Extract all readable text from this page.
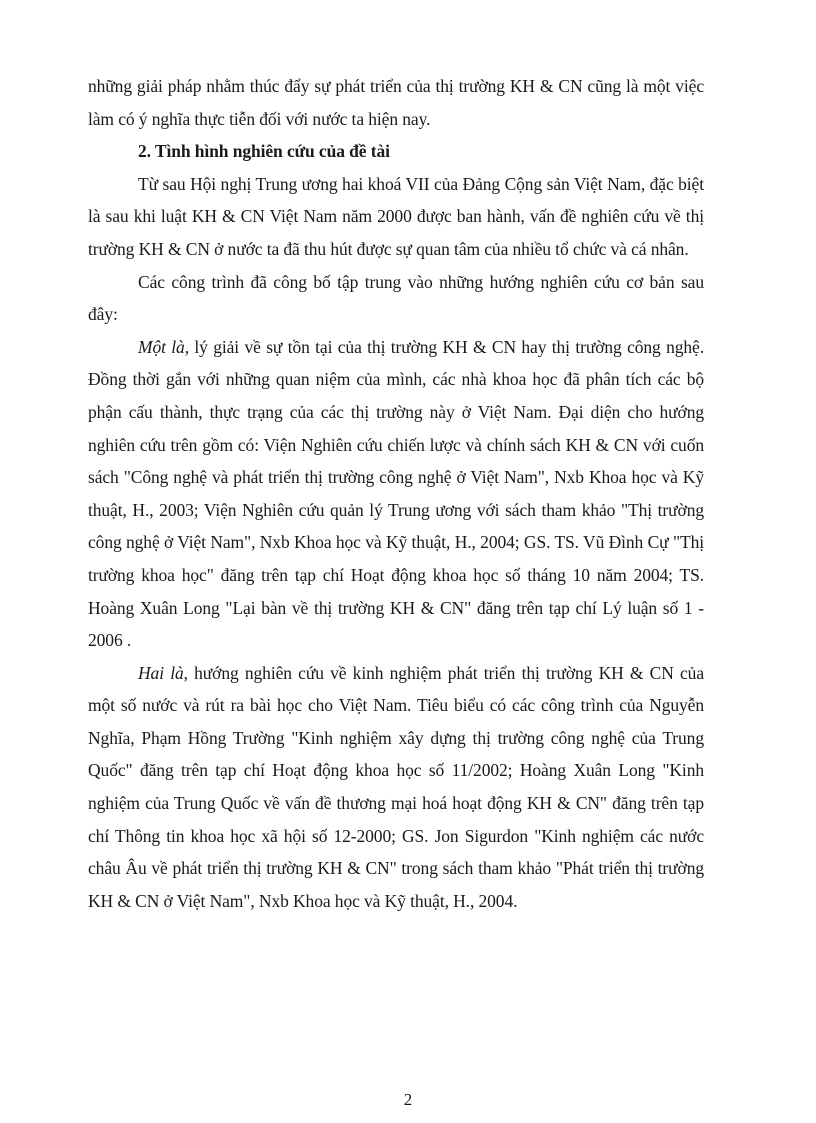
những giải pháp nhằm thúc đẩy sự phát triển của thị trường KH & CN cũng là một việc làm có ý nghĩa thực tiễn đối với nước ta hiện nay.

2. Tình hình nghiên cứu của đề tài

Từ sau Hội nghị Trung ương hai khoá VII của Đảng Cộng sản Việt Nam, đặc biệt là sau khi luật KH & CN Việt Nam năm 2000 được ban hành, vấn đề nghiên cứu về thị trường KH & CN ở nước ta đã thu hút được sự quan tâm của nhiều tổ chức và cá nhân.

Các công trình đã công bố tập trung vào những hướng nghiên cứu cơ bản sau đây:

Một là, lý giải về sự tồn tại của thị trường KH & CN hay thị trường công nghệ. Đồng thời gắn với những quan niệm của mình, các nhà khoa học đã phân tích các bộ phận cấu thành, thực trạng của các thị trường này ở Việt Nam. Đại diện cho hướng nghiên cứu trên gồm có: Viện Nghiên cứu chiến lược và chính sách KH & CN với cuốn sách "Công nghệ và phát triển thị trường công nghệ ở Việt Nam", Nxb Khoa học và Kỹ thuật, H., 2003; Viện Nghiên cứu quản lý Trung ương với sách tham khảo "Thị trường công nghệ ở Việt Nam", Nxb Khoa học và Kỹ thuật, H., 2004; GS. TS. Vũ Đình Cự "Thị trường khoa học" đăng trên tạp chí Hoạt động khoa học số tháng 10 năm 2004; TS. Hoàng Xuân Long "Lại bàn về thị trường KH & CN" đăng trên tạp chí Lý luận số 1 - 2006 .

Hai là, hướng nghiên cứu về kinh nghiệm phát triển thị trường KH & CN của một số nước và rút ra bài học cho Việt Nam. Tiêu biểu có các công trình của Nguyễn Nghĩa, Phạm Hồng Trường "Kinh nghiệm xây dựng thị trường công nghệ của Trung Quốc" đăng trên tạp chí Hoạt động khoa học số 11/2002; Hoàng Xuân Long "Kinh nghiệm của Trung Quốc về vấn đề thương mại hoá hoạt động KH & CN" đăng trên tạp chí Thông tin khoa học xã hội số 12-2000; GS. Jon Sigurdon "Kinh nghiệm các nước châu Âu về phát triển thị trường KH & CN" trong sách tham khảo "Phát triển thị trường KH & CN ở Việt Nam", Nxb Khoa học và Kỹ thuật, H., 2004.

2
